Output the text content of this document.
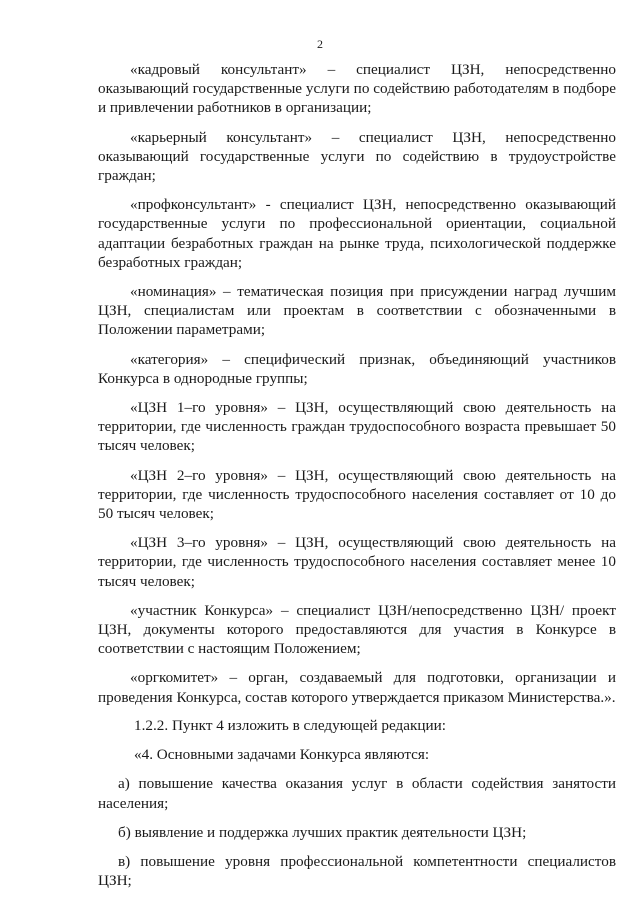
2

«кадровый консультант» – специалист ЦЗН, непосредственно оказывающий государственные услуги по содействию работодателям в подборе и привлечении работников в организации;

«карьерный консультант» – специалист ЦЗН, непосредственно оказывающий государственные услуги по содействию в трудоустройстве граждан;

«профконсультант» - специалист ЦЗН, непосредственно оказывающий государственные услуги по профессиональной ориентации, социальной адаптации безработных граждан на рынке труда, психологической поддержке безработных граждан;

«номинация» – тематическая позиция при присуждении наград лучшим ЦЗН, специалистам или проектам в соответствии с обозначенными в Положении параметрами;

«категория» – специфический признак, объединяющий участников Конкурса в однородные группы;

«ЦЗН 1–го уровня» – ЦЗН, осуществляющий свою деятельность на территории, где численность граждан трудоспособного возраста превышает 50 тысяч человек;

«ЦЗН 2–го уровня» – ЦЗН, осуществляющий свою деятельность на территории, где численность трудоспособного населения составляет от 10 до 50 тысяч человек;

«ЦЗН 3–го уровня» – ЦЗН, осуществляющий свою деятельность на территории, где численность трудоспособного населения составляет менее 10 тысяч человек;

«участник Конкурса» – специалист ЦЗН/непосредственно ЦЗН/ проект ЦЗН, документы которого предоставляются для участия в Конкурсе в соответствии с настоящим Положением;

«оргкомитет» – орган, создаваемый для подготовки, организации и проведения Конкурса, состав которого утверждается приказом Министерства.».

1.2.2. Пункт 4 изложить в следующей редакции:

«4. Основными задачами Конкурса являются:

а) повышение качества оказания услуг в области содействия занятости населения;

б) выявление и поддержка лучших практик деятельности ЦЗН;

в) повышение уровня профессиональной компетентности специалистов ЦЗН;
